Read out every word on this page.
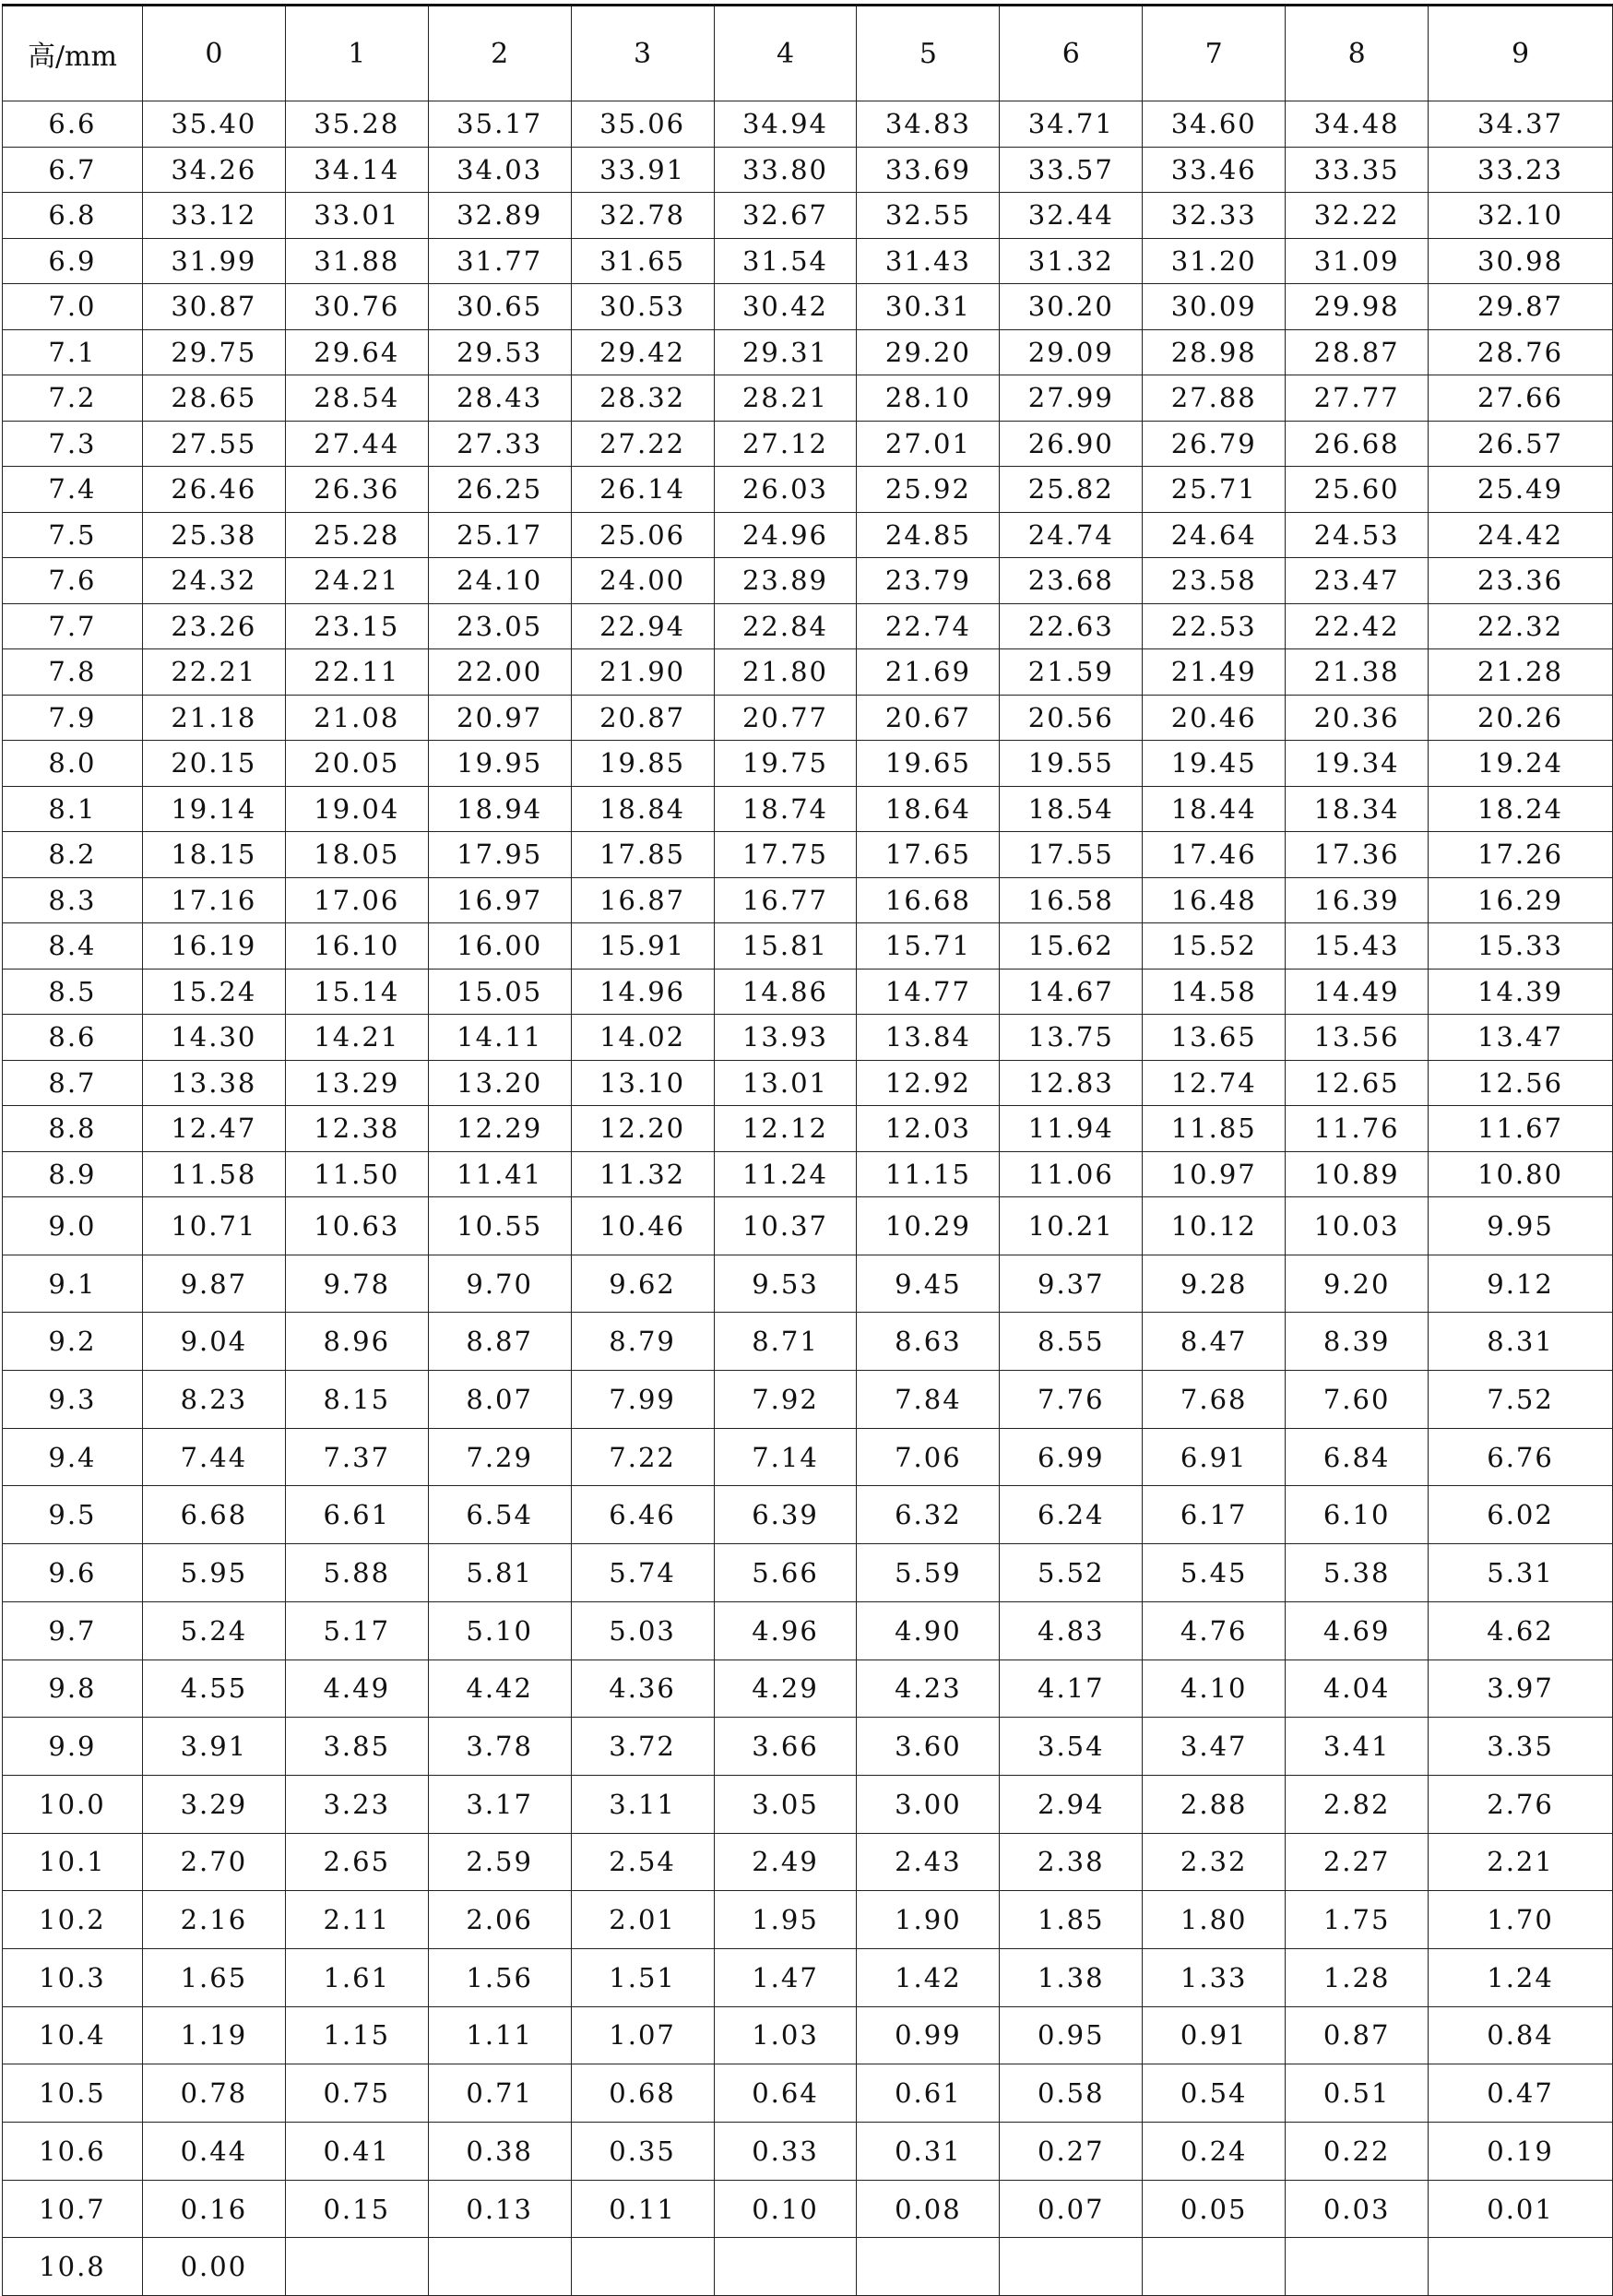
高/mm	0	1	2	3	4	5	6	7	8	9
6.6	35.40	35.28	35.17	35.06	34.94	34.83	34.71	34.60	34.48	34.37
6.7	34.26	34.14	34.03	33.91	33.80	33.69	33.57	33.46	33.35	33.23
6.8	33.12	33.01	32.89	32.78	32.67	32.55	32.44	32.33	32.22	32.10
6.9	31.99	31.88	31.77	31.65	31.54	31.43	31.32	31.20	31.09	30.98
7.0	30.87	30.76	30.65	30.53	30.42	30.31	30.20	30.09	29.98	29.87
7.1	29.75	29.64	29.53	29.42	29.31	29.20	29.09	28.98	28.87	28.76
7.2	28.65	28.54	28.43	28.32	28.21	28.10	27.99	27.88	27.77	27.66
7.3	27.55	27.44	27.33	27.22	27.12	27.01	26.90	26.79	26.68	26.57
7.4	26.46	26.36	26.25	26.14	26.03	25.92	25.82	25.71	25.60	25.49
7.5	25.38	25.28	25.17	25.06	24.96	24.85	24.74	24.64	24.53	24.42
7.6	24.32	24.21	24.10	24.00	23.89	23.79	23.68	23.58	23.47	23.36
7.7	23.26	23.15	23.05	22.94	22.84	22.74	22.63	22.53	22.42	22.32
7.8	22.21	22.11	22.00	21.90	21.80	21.69	21.59	21.49	21.38	21.28
7.9	21.18	21.08	20.97	20.87	20.77	20.67	20.56	20.46	20.36	20.26
8.0	20.15	20.05	19.95	19.85	19.75	19.65	19.55	19.45	19.34	19.24
8.1	19.14	19.04	18.94	18.84	18.74	18.64	18.54	18.44	18.34	18.24
8.2	18.15	18.05	17.95	17.85	17.75	17.65	17.55	17.46	17.36	17.26
8.3	17.16	17.06	16.97	16.87	16.77	16.68	16.58	16.48	16.39	16.29
8.4	16.19	16.10	16.00	15.91	15.81	15.71	15.62	15.52	15.43	15.33
8.5	15.24	15.14	15.05	14.96	14.86	14.77	14.67	14.58	14.49	14.39
8.6	14.30	14.21	14.11	14.02	13.93	13.84	13.75	13.65	13.56	13.47
8.7	13.38	13.29	13.20	13.10	13.01	12.92	12.83	12.74	12.65	12.56
8.8	12.47	12.38	12.29	12.20	12.12	12.03	11.94	11.85	11.76	11.67
8.9	11.58	11.50	11.41	11.32	11.24	11.15	11.06	10.97	10.89	10.80
9.0	10.71	10.63	10.55	10.46	10.37	10.29	10.21	10.12	10.03	9.95
9.1	9.87	9.78	9.70	9.62	9.53	9.45	9.37	9.28	9.20	9.12
9.2	9.04	8.96	8.87	8.79	8.71	8.63	8.55	8.47	8.39	8.31
9.3	8.23	8.15	8.07	7.99	7.92	7.84	7.76	7.68	7.60	7.52
9.4	7.44	7.37	7.29	7.22	7.14	7.06	6.99	6.91	6.84	6.76
9.5	6.68	6.61	6.54	6.46	6.39	6.32	6.24	6.17	6.10	6.02
9.6	5.95	5.88	5.81	5.74	5.66	5.59	5.52	5.45	5.38	5.31
9.7	5.24	5.17	5.10	5.03	4.96	4.90	4.83	4.76	4.69	4.62
9.8	4.55	4.49	4.42	4.36	4.29	4.23	4.17	4.10	4.04	3.97
9.9	3.91	3.85	3.78	3.72	3.66	3.60	3.54	3.47	3.41	3.35
10.0	3.29	3.23	3.17	3.11	3.05	3.00	2.94	2.88	2.82	2.76
10.1	2.70	2.65	2.59	2.54	2.49	2.43	2.38	2.32	2.27	2.21
10.2	2.16	2.11	2.06	2.01	1.95	1.90	1.85	1.80	1.75	1.70
10.3	1.65	1.61	1.56	1.51	1.47	1.42	1.38	1.33	1.28	1.24
10.4	1.19	1.15	1.11	1.07	1.03	0.99	0.95	0.91	0.87	0.84
10.5	0.78	0.75	0.71	0.68	0.64	0.61	0.58	0.54	0.51	0.47
10.6	0.44	0.41	0.38	0.35	0.33	0.31	0.27	0.24	0.22	0.19
10.7	0.16	0.15	0.13	0.11	0.10	0.08	0.07	0.05	0.03	0.01
10.8	0.00									
